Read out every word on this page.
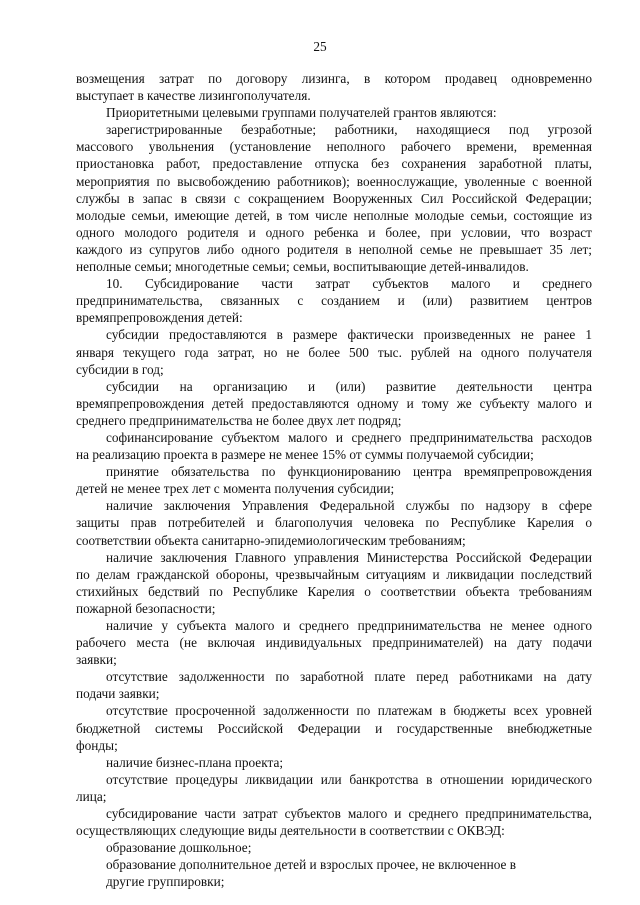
25
возмещения затрат по договору лизинга, в котором продавец одновременно
выступает в качестве лизингополучателя.
Приоритетными целевыми группами получателей грантов являются:
зарегистрированные безработные; работники, находящиеся под угрозой
массового увольнения (установление неполного рабочего времени, временная
приостановка работ, предоставление отпуска без сохранения заработной платы,
мероприятия по высвобождению работников); военнослужащие, уволенные с военной
службы в запас в связи с сокращением Вооруженных Сил Российской Федерации;
молодые семьи, имеющие детей, в том числе неполные молодые семьи, состоящие из
одного молодого родителя и одного ребенка и более, при условии, что возраст
каждого из супругов либо одного родителя в неполной семье не превышает 35 лет;
неполные семьи; многодетные семьи; семьи, воспитывающие детей-инвалидов.
10. Субсидирование части затрат субъектов малого и среднего
предпринимательства, связанных с созданием и (или) развитием центров
времяпрепровождения детей:
субсидии предоставляются в размере фактически произведенных не ранее 1
января текущего года затрат, но не более 500 тыс. рублей на одного получателя
субсидии в год;
субсидии на организацию и (или) развитие деятельности центра
времяпрепровождения детей предоставляются одному и тому же субъекту малого и
среднего предпринимательства не более двух лет подряд;
софинансирование субъектом малого и среднего предпринимательства расходов
на реализацию проекта в размере не менее 15% от суммы получаемой субсидии;
принятие обязательства по функционированию центра времяпрепровождения
детей не менее трех лет с момента получения субсидии;
наличие заключения Управления Федеральной службы по надзору в сфере
защиты прав потребителей и благополучия человека по Республике Карелия о
соответствии объекта санитарно-эпидемиологическим требованиям;
наличие заключения Главного управления Министерства Российской Федерации
по делам гражданской обороны, чрезвычайным ситуациям и ликвидации последствий
стихийных бедствий по Республике Карелия о соответствии объекта требованиям
пожарной безопасности;
наличие у субъекта малого и среднего предпринимательства не менее одного
рабочего места (не включая индивидуальных предпринимателей) на дату подачи
заявки;
отсутствие задолженности по заработной плате перед работниками на дату
подачи заявки;
отсутствие просроченной задолженности по платежам в бюджеты всех уровней
бюджетной системы Российской Федерации и государственные внебюджетные
фонды;
наличие бизнес-плана проекта;
отсутствие процедуры ликвидации или банкротства в отношении юридического
лица;
субсидирование части затрат субъектов малого и среднего предпринимательства,
осуществляющих следующие виды деятельности в соответствии с ОКВЭД:
образование дошкольное;
образование дополнительное детей и взрослых прочее, не включенное в
другие группировки;
